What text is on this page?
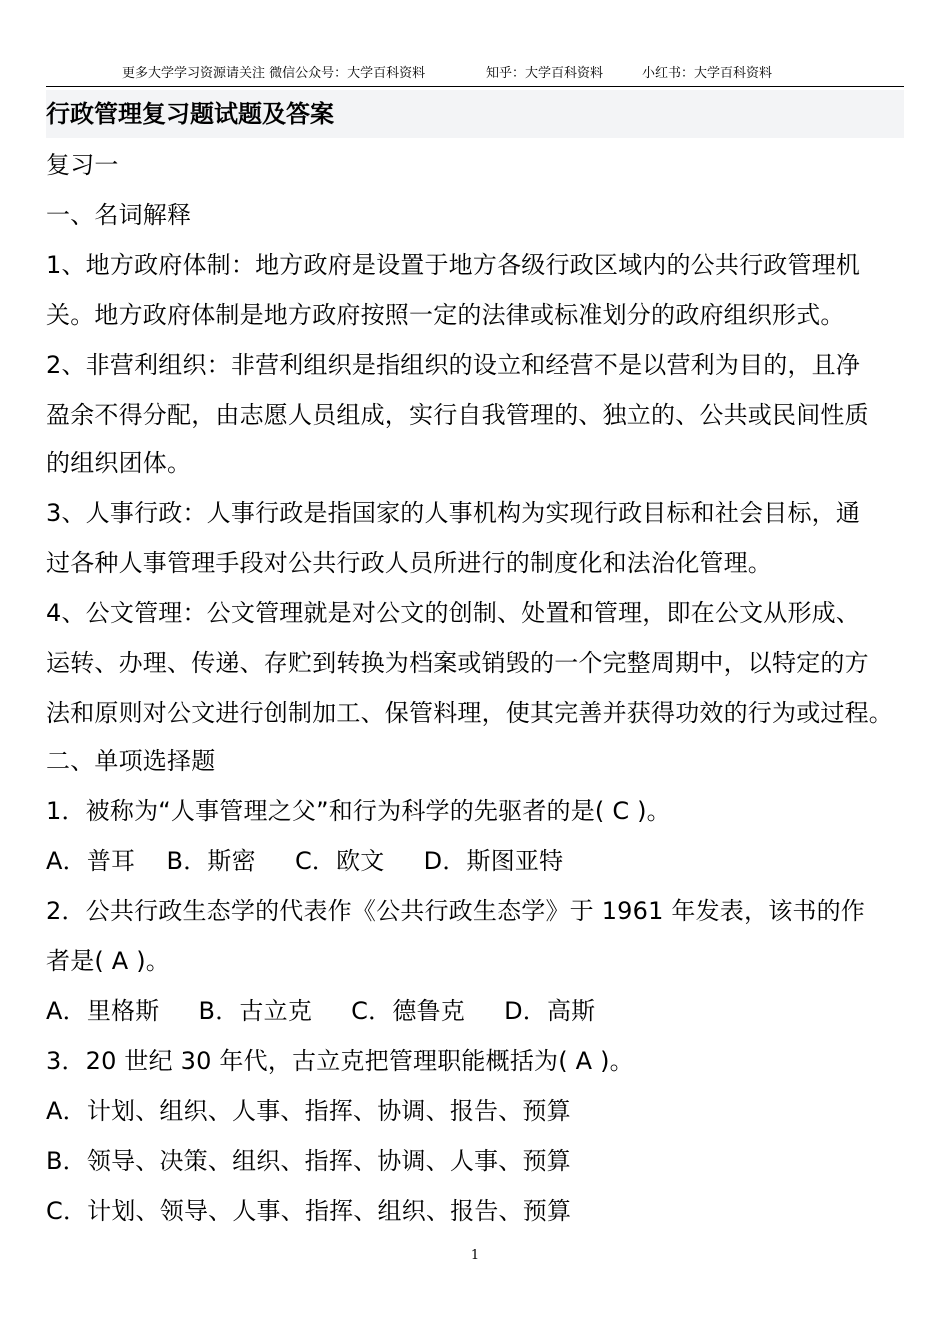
更多大学学习资源请关注 微信公众号：大学百科资料

	知乎：大学百科资料

	小红书：大学百科资料

行政管理复习题试题及答案
复习一
一、名词解释
1、地方政府体制：地方政府是设置于地方各级行政区域内的公共行政管理机
关。地方政府体制是地方政府按照一定的法律或标准划分的政府组织形式。
2、非营利组织：非营利组织是指组织的设立和经营不是以营利为目的，且净
盈余不得分配，由志愿人员组成，实行自我管理的、独立的、公共或民间性质
的组织团体。
3、人事行政：人事行政是指国家的人事机构为实现行政目标和社会目标，通
过各种人事管理手段对公共行政人员所进行的制度化和法治化管理。
4、公文管理：公文管理就是对公文的创制、处置和管理，即在公文从形成、
运转、办理、传递、存贮到转换为档案或销毁的一个完整周期中，以特定的方
法和原则对公文进行创制加工、保管料理，使其完善并获得功效的行为或过程。
二、单项选择题
1．被称为“人事管理之父”和行为科学的先驱者的是( C )。
A．普耳    B．斯密     C．欧文     D．斯图亚特
2．公共行政生态学的代表作《公共行政生态学》于 1961 年发表，该书的作
者是( A )。
A．里格斯     B．古立克     C．德鲁克     D．高斯
3．20 世纪 30 年代，古立克把管理职能概括为( A )。
A．计划、组织、人事、指挥、协调、报告、预算
B．领导、决策、组织、指挥、协调、人事、预算
C．计划、领导、人事、指挥、组织、报告、预算
1
